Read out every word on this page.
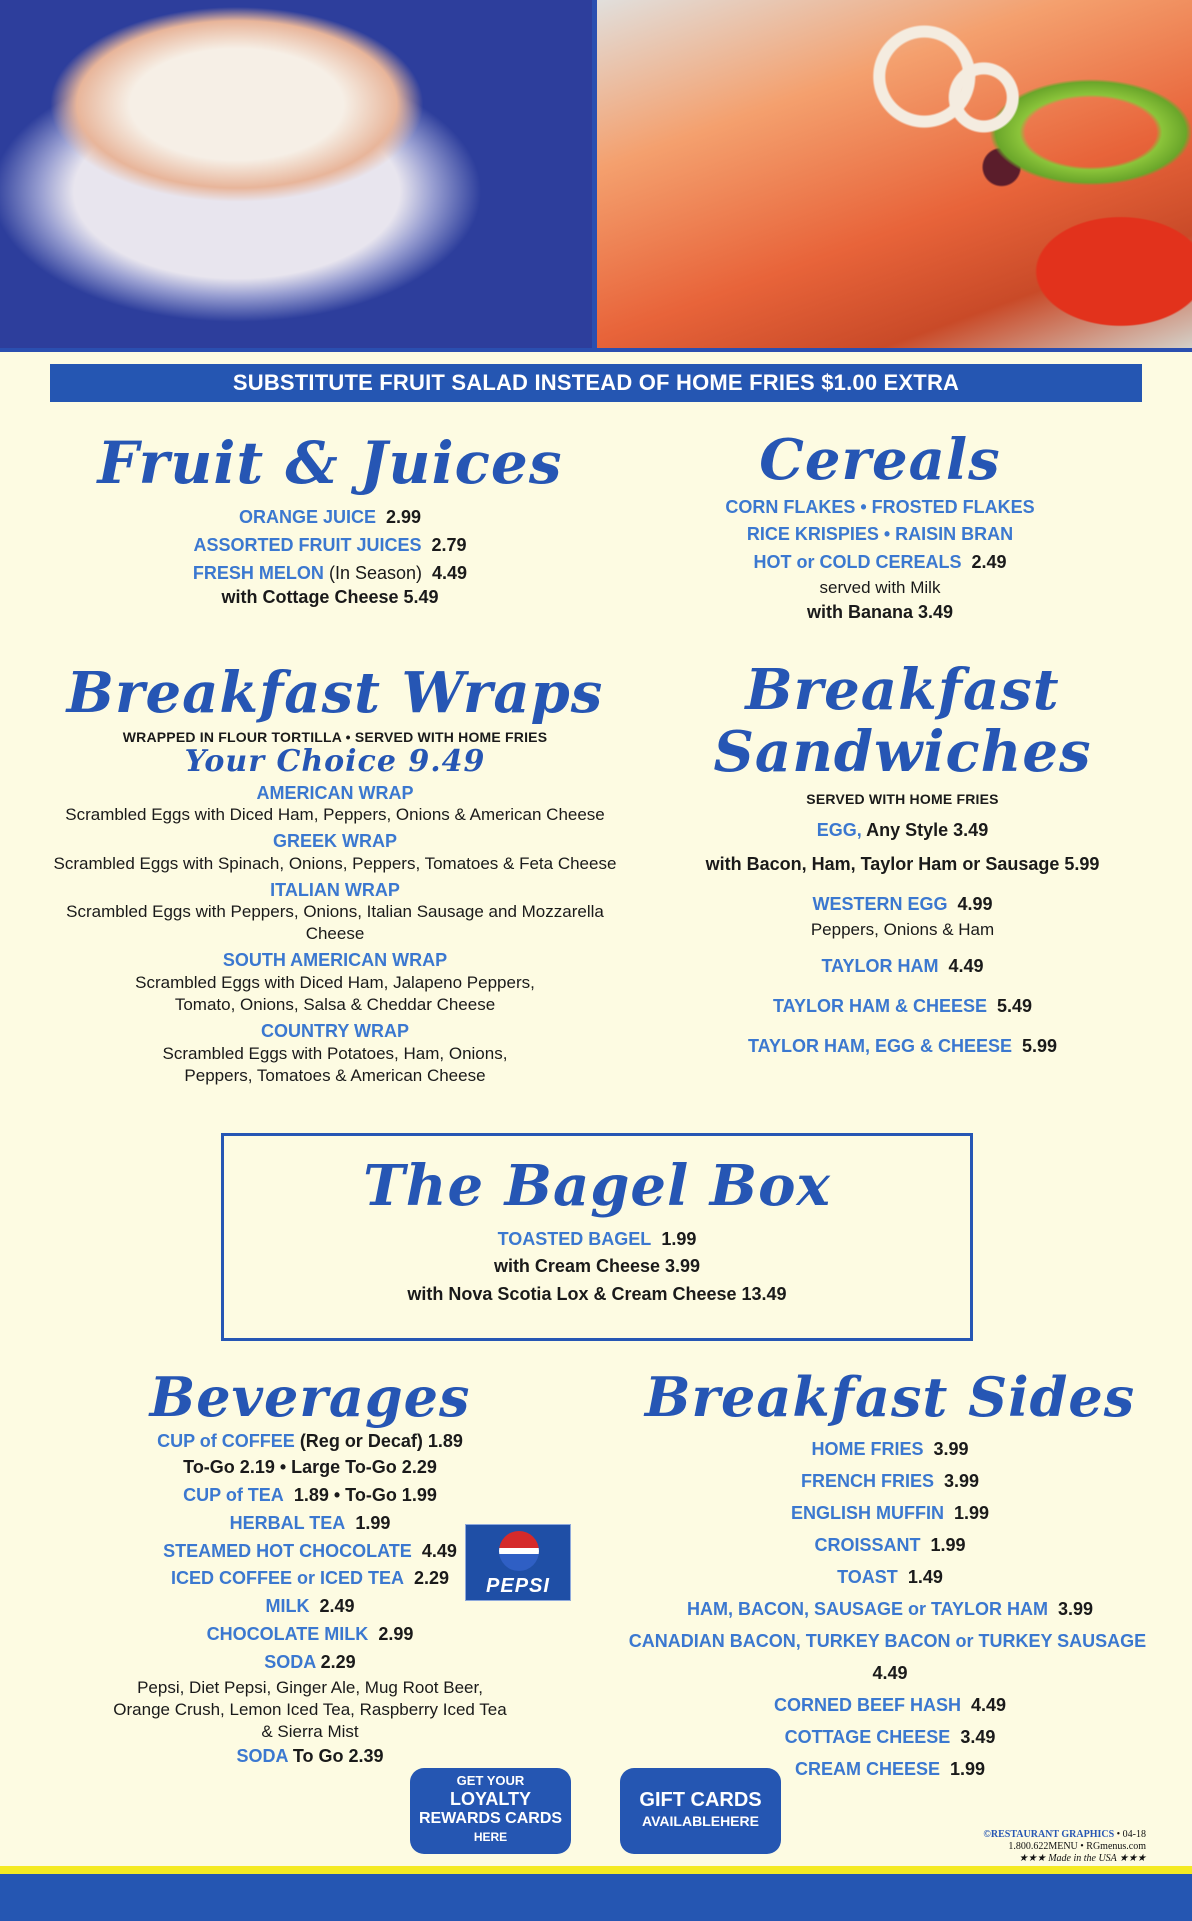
SUBSTITUTE FRUIT SALAD INSTEAD OF HOME FRIES $1.00 EXTRA
Fruit & Juices
ORANGE JUICE 2.99
ASSORTED FRUIT JUICES 2.79
FRESH MELON (In Season) 4.49
with Cottage Cheese 5.49
Cereals
CORN FLAKES • FROSTED FLAKES
RICE KRISPIES • RAISIN BRAN
HOT or COLD CEREALS 2.49
served with Milk
with Banana 3.49
Breakfast Wraps
WRAPPED IN FLOUR TORTILLA • SERVED WITH HOME FRIES
Your Choice 9.49
AMERICAN WRAP
Scrambled Eggs with Diced Ham, Peppers, Onions & American Cheese
GREEK WRAP
Scrambled Eggs with Spinach, Onions, Peppers, Tomatoes & Feta Cheese
ITALIAN WRAP
Scrambled Eggs with Peppers, Onions, Italian Sausage and Mozzarella Cheese
SOUTH AMERICAN WRAP
Scrambled Eggs with Diced Ham, Jalapeno Peppers,
Tomato, Onions, Salsa & Cheddar Cheese
COUNTRY WRAP
Scrambled Eggs with Potatoes, Ham, Onions,
Peppers, Tomatoes & American Cheese
Breakfast
Sandwiches
SERVED WITH HOME FRIES
EGG, Any Style 3.49
with Bacon, Ham, Taylor Ham or Sausage 5.99
WESTERN EGG 4.99
Peppers, Onions & Ham
TAYLOR HAM 4.49
TAYLOR HAM & CHEESE 5.49
TAYLOR HAM, EGG & CHEESE 5.99
The Bagel Box
TOASTED BAGEL 1.99
with Cream Cheese 3.99
with Nova Scotia Lox & Cream Cheese 13.49
Beverages
CUP of COFFEE (Reg or Decaf) 1.89
To-Go 2.19 • Large To-Go 2.29
CUP of TEA 1.89 • To-Go 1.99
HERBAL TEA 1.99
STEAMED HOT CHOCOLATE 4.49
ICED COFFEE or ICED TEA 2.29
MILK 2.49
CHOCOLATE MILK 2.99
SODA 2.29
Pepsi, Diet Pepsi, Ginger Ale, Mug Root Beer,
Orange Crush, Lemon Iced Tea, Raspberry Iced Tea
& Sierra Mist
SODA To Go 2.39
PEPSI
Breakfast Sides
HOME FRIES 3.99
FRENCH FRIES 3.99
ENGLISH MUFFIN 1.99
CROISSANT 1.99
TOAST 1.49
HAM, BACON, SAUSAGE or TAYLOR HAM 3.99
CANADIAN BACON, TURKEY BACON or TURKEY SAUSAGE  4.49
CORNED BEEF HASH 4.49
COTTAGE CHEESE 3.49
CREAM CHEESE 1.99
GET YOUR
LOYALTY
REWARDS CARDS
HERE
GIFT CARDS
AVAILABLEHERE
©RESTAURANT GRAPHICS • 04-18
1.800.622MENU • RGmenus.com
★★★ Made in the USA ★★★
